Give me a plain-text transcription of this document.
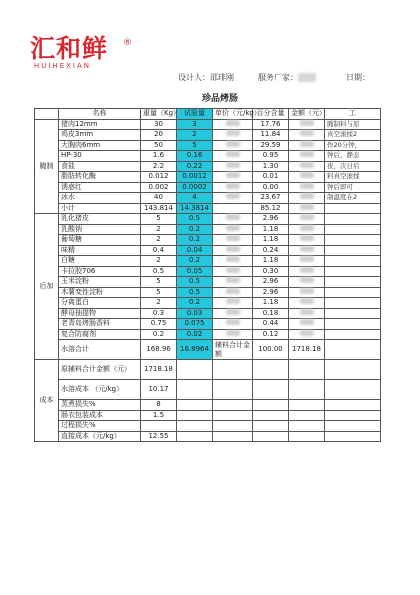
汇和鲜
HUIHEXIAN
®
设计人：邵琲刚	服务厂家：	日期：
珍品烤肠
	名称	重量（Kg）	试验量	单价（元/kg）	百分含量	金额（元）	工
腌制	猪肉12mm	30	3		17.76		腌制料与原
	鸡皮3mm	20	2		11.84		真空滚揉2
	大胸肉6mm	50	5		29.59		作20分钟，
	HP-30	1.6	0.16		0.95		钟后，静态
	食盐	2.2	0.22		1.30		夜，次日后
	脂肪转化酶	0.012	0.0012		0.01		料真空滚揉
	诱惑红	0.002	0.0002		0.00		钟后即可
	冰水	40	4		23.67		制温度在2
	小计	143.814	14.3814		85.12		
后加	乳化猪皮	5	0.5		2.96		
	乳酸钠	2	0.2		1.18		
	葡萄糖	2	0.2		1.18		
	味精	0.4	0.04		0.24		
	白糖	2	0.2		1.18		
	卡拉胶706	0.5	0.05		0.30		
	玉米淀粉	5	0.5		2.96		
	木薯变性淀粉	5	0.5		2.96		
	分离蛋白	2	0.2		1.18		
	酵母抽提物	0.3	0.03		0.18		
	老青岛烤肠香料	0.75	0.075		0.44		
	复合防腐剂	0.2	0.02		0.12		
	水溶合计	168.96	16.8964	辅料合计金额	100.00	1718.18	
成本	原辅料合计金额（元）	1718.18					
	水溶成本 （元/kg）	10.17					
	蒸煮损失%	8					
	肠衣包装成本	1.5					
	过程损失%						
	直接成本（元/kg）	12.55					
